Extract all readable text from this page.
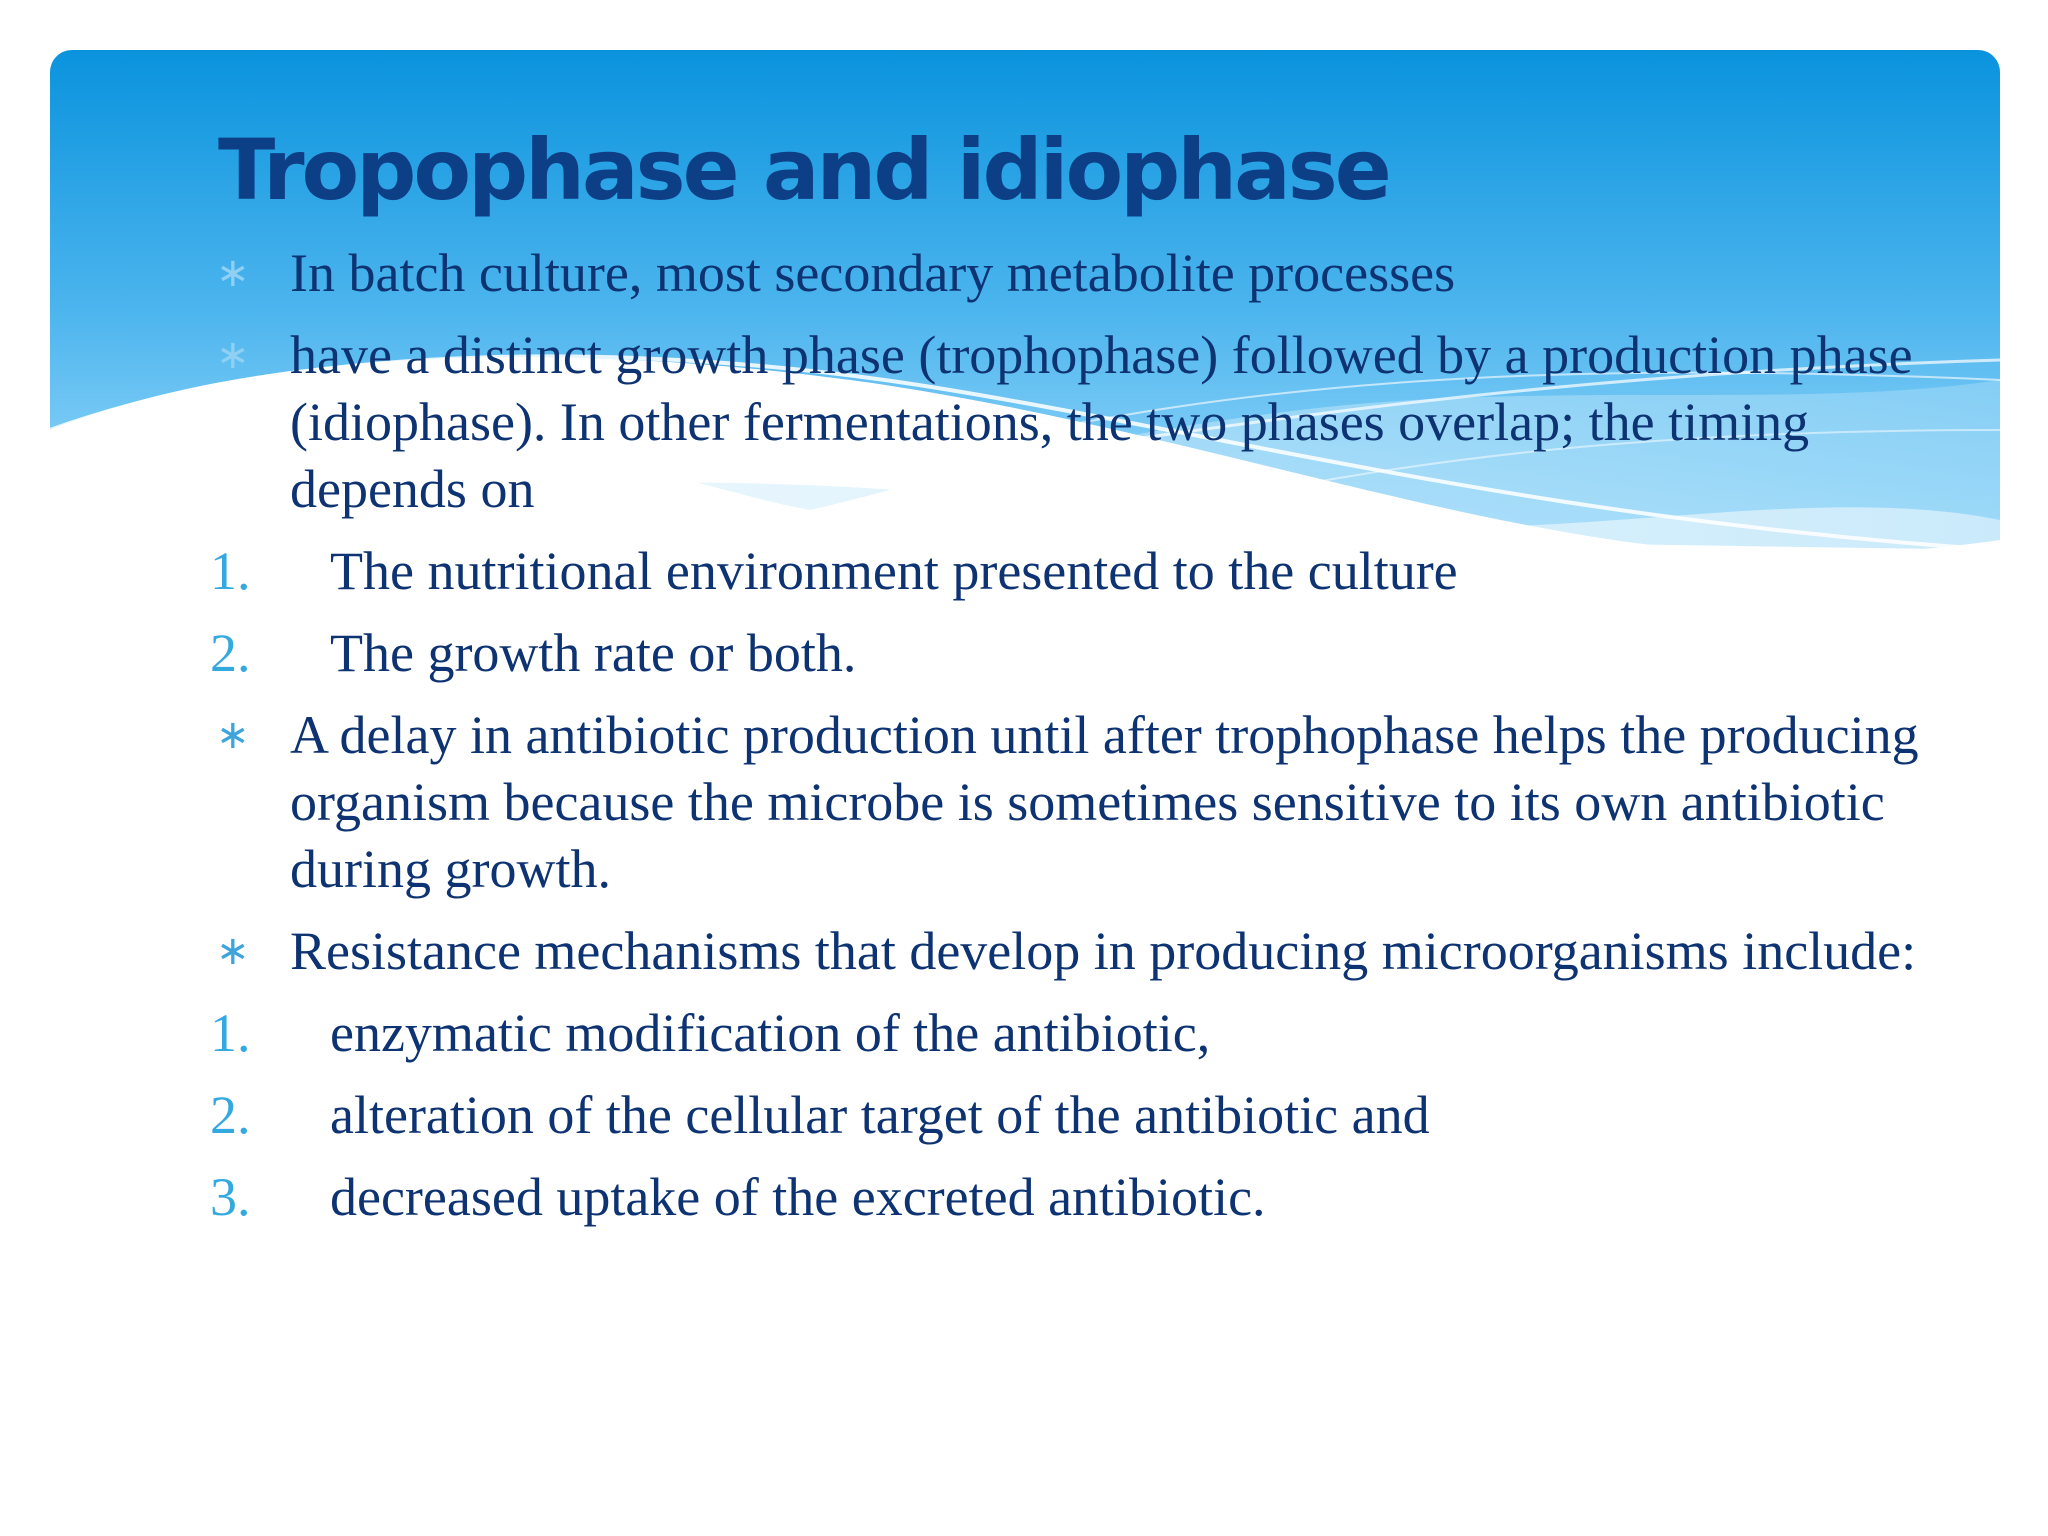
Tropophase and idiophase
∗ In batch culture, most secondary metabolite processes
∗ have a distinct growth phase (trophophase) followed by a production phase (idiophase). In other fermentations, the two phases overlap; the timing depends on
1. The nutritional environment presented to the culture
2. The growth rate or both.
∗ A delay in antibiotic production until after trophophase helps the producing organism because the microbe is sometimes sensitive to its own antibiotic during growth.
∗ Resistance mechanisms that develop in producing microorganisms include:
1. enzymatic modification of the antibiotic,
2. alteration of the cellular target of the antibiotic and
3. decreased uptake of the excreted antibiotic.
